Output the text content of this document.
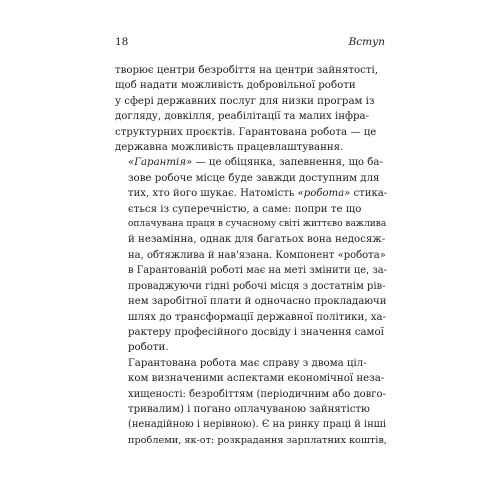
18	Вступ

творює центри безробіття на центри зайнятості,
щоб надати можливість добровільної роботи
у сфері державних послуг для низки програм із
догляду, довкілля, реабілітації та малих інфра-
структурних проєктів. Гарантована робота — це
державна можливість працевлаштування.

«Гарантія» — це обіцянка, запевнення, що ба-
зове робоче місце буде завжди доступним для
тих, хто його шукає. Натомість «робота» стика-
ється із суперечністю, а саме: попри те що
оплачувана праця в сучасному світі життєво важлива
й незамінна, однак для багатьох вона недосяж-
на, обтяжлива й нав'язана. Компонент «робота»
в Гарантованій роботі має на меті змінити це, за-
проваджуючи гідні робочі місця з достатнім рів-
нем заробітної плати й одночасно прокладаючи
шлях до трансформації державної політики, ха-
рактеру професійного досвіду і значення самої
роботи.

Гарантована робота має справу з двома ціл-
ком визначеними аспектами економічної неза-
хищеності: безробіттям (періодичним або довго-
тривалим) і погано оплачуваною зайнятістю
(ненадійною і нерівною). Є на ринку праці й інші
проблеми, як-от: розкрадання зарплатних коштів,
